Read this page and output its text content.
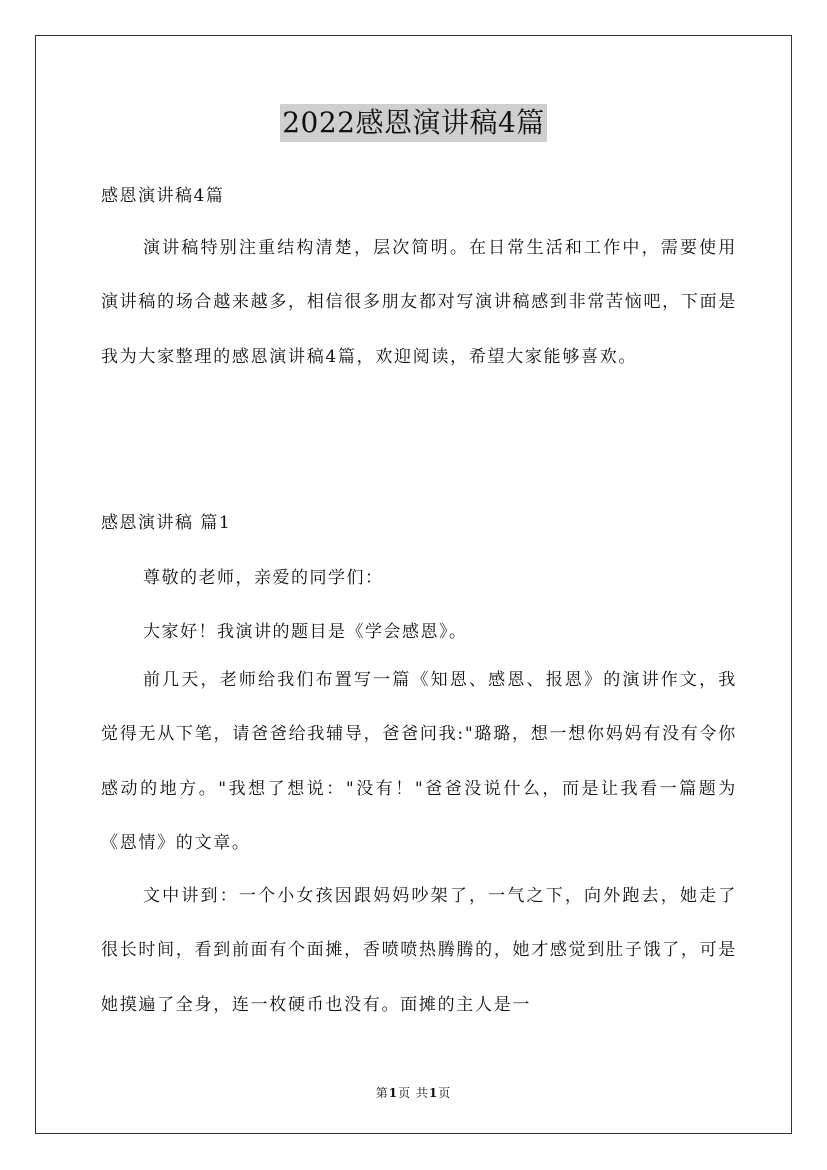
2022感恩演讲稿4篇
感恩演讲稿4篇
演讲稿特别注重结构清楚，层次简明。在日常生活和工作中，需要使用演讲稿的场合越来越多，相信很多朋友都对写演讲稿感到非常苦恼吧，下面是我为大家整理的感恩演讲稿4篇，欢迎阅读，希望大家能够喜欢。
感恩演讲稿 篇1
尊敬的老师，亲爱的同学们：
大家好！我演讲的题目是《学会感恩》。
前几天，老师给我们布置写一篇《知恩、感恩、报恩》的演讲作文，我觉得无从下笔，请爸爸给我辅导，爸爸问我:"璐璐，想一想你妈妈有没有令你感动的地方。"我想了想说："没有！"爸爸没说什么，而是让我看一篇题为《恩情》的文章。
文中讲到：一个小女孩因跟妈妈吵架了，一气之下，向外跑去，她走了很长时间，看到前面有个面摊，香喷喷热腾腾的，她才感觉到肚子饿了，可是她摸遍了全身，连一枚硬币也没有。面摊的主人是一
第1页 共1页
